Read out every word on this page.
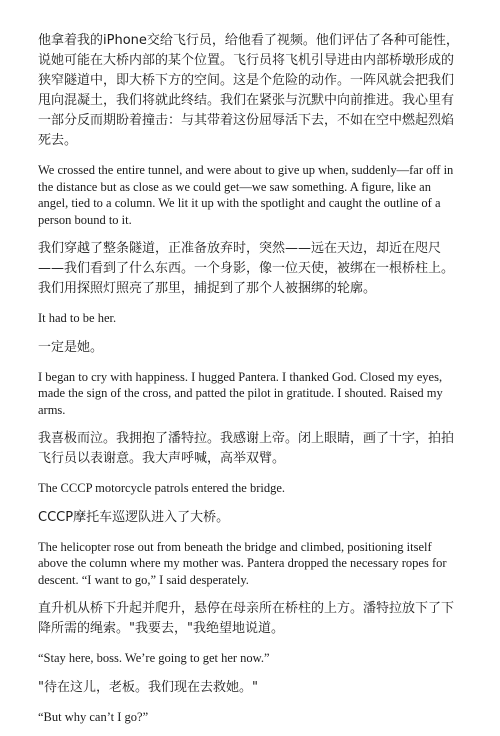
他拿着我的iPhone交给飞行员，给他看了视频。他们评估了各种可能性，说她可能在大桥内部的某个位置。飞行员将飞机引导进由内部桥墩形成的狭窄隧道中，即大桥下方的空间。这是个危险的动作。一阵风就会把我们甩向混凝土，我们将就此终结。我们在紧张与沉默中向前推进。我心里有一部分反而期盼着撞击：与其带着这份屈辱活下去，不如在空中燃起烈焰死去。

We crossed the entire tunnel, and were about to give up when, suddenly—far off in the distance but as close as we could get—we saw something. A figure, like an angel, tied to a column. We lit it up with the spotlight and caught the outline of a person bound to it.

我们穿越了整条隧道，正准备放弃时，突然——远在天边，却近在咫尺——我们看到了什么东西。一个身影，像一位天使，被绑在一根桥柱上。我们用探照灯照亮了那里，捕捉到了那个人被捆绑的轮廓。

It had to be her.

一定是她。

I began to cry with happiness. I hugged Pantera. I thanked God. Closed my eyes, made the sign of the cross, and patted the pilot in gratitude. I shouted. Raised my arms.

我喜极而泣。我拥抱了潘特拉。我感谢上帝。闭上眼睛，画了十字，拍拍飞行员以表谢意。我大声呼喊，高举双臂。

The CCCP motorcycle patrols entered the bridge.

CCCP摩托车巡逻队进入了大桥。

The helicopter rose out from beneath the bridge and climbed, positioning itself above the column where my mother was. Pantera dropped the necessary ropes for descent. “I want to go,” I said desperately.

直升机从桥下升起并爬升，悬停在母亲所在桥柱的上方。潘特拉放下了下降所需的绳索。"我要去，"我绝望地说道。

“Stay here, boss. We’re going to get her now.”

"待在这儿，老板。我们现在去救她。"

“But why can’t I go?”
